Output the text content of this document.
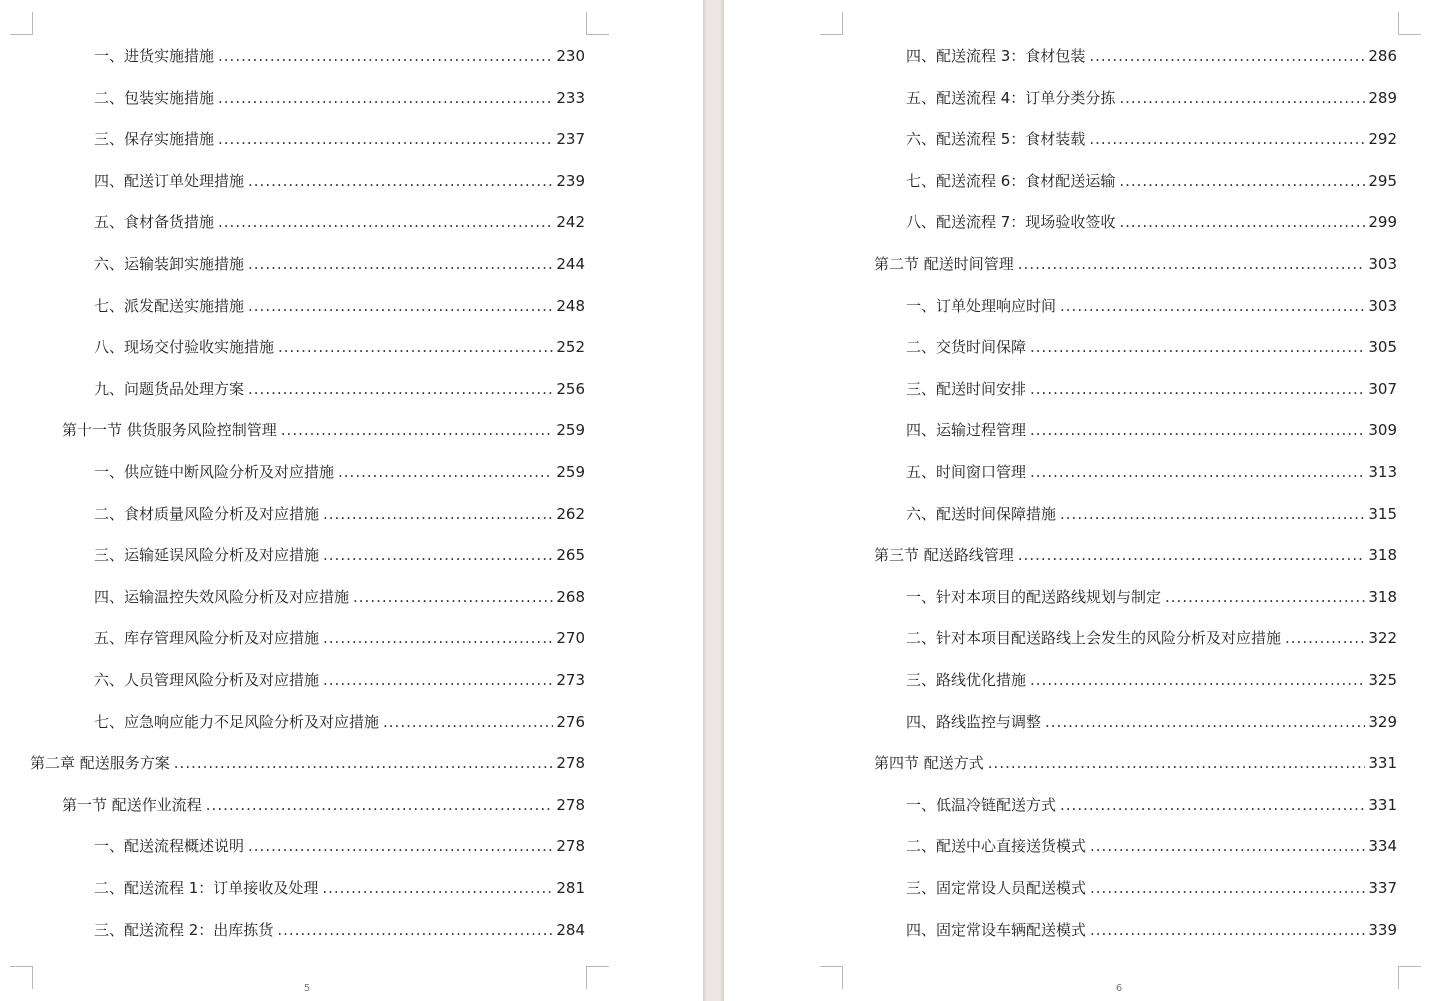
一、进货实施措施 .....	230
二、包装实施措施 .....	233
三、保存实施措施 .....	237
四、配送订单处理措施 .....	239
五、食材备货措施 .....	242
六、运输装卸实施措施 .....	244
七、派发配送实施措施 .....	248
八、现场交付验收实施措施 .....	252
九、问题货品处理方案 .....	256
第十一节 供货服务风险控制管理 .....	259
一、供应链中断风险分析及对应措施 .....	259
二、食材质量风险分析及对应措施 .....	262
三、运输延误风险分析及对应措施 .....	265
四、运输温控失效风险分析及对应措施 .....	268
五、库存管理风险分析及对应措施 .....	270
六、人员管理风险分析及对应措施 .....	273
七、应急响应能力不足风险分析及对应措施 .....	276
第二章 配送服务方案 .....	278
第一节 配送作业流程 .....	278
一、配送流程概述说明 .....	278
二、配送流程 1：订单接收及处理 .....	281
三、配送流程 2：出库拣货 .....	284
5
四、配送流程 3：食材包装 .....	286
五、配送流程 4：订单分类分拣 .....	289
六、配送流程 5：食材装载 .....	292
七、配送流程 6：食材配送运输 .....	295
八、配送流程 7：现场验收签收 .....	299
第二节 配送时间管理 .....	303
一、订单处理响应时间 .....	303
二、交货时间保障 .....	305
三、配送时间安排 .....	307
四、运输过程管理 .....	309
五、时间窗口管理 .....	313
六、配送时间保障措施 .....	315
第三节 配送路线管理 .....	318
一、针对本项目的配送路线规划与制定 .....	318
二、针对本项目配送路线上会发生的风险分析及对应措施 .....	322
三、路线优化措施 .....	325
四、路线监控与调整 .....	329
第四节 配送方式 .....	331
一、低温冷链配送方式 .....	331
二、配送中心直接送货模式 .....	334
三、固定常设人员配送模式 .....	337
四、固定常设车辆配送模式 .....	339
6
